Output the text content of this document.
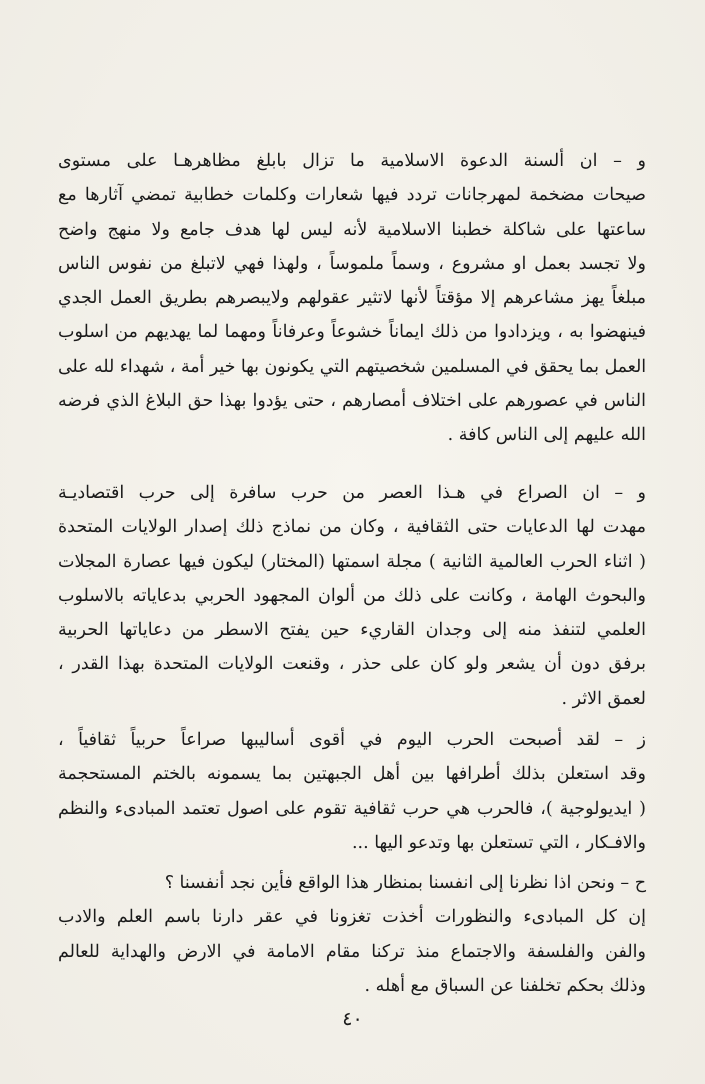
و – ان ألسنة الدعوة الاسلامية ما تزال بابلغ مظاهرهـا على مستوى
صيحات مضخمة لمهرجانات تردد فيها شعارات وكلمات خطابية تمضي آثارها مع
ساعتها على شاكلة خطبنا الاسلامية لأنه ليس لها هدف جامع ولا منهج واضح
ولا تجسد بعمل او مشروع ، وسماً ملموساً ، ولهذا فهي لاتبلغ من نفوس الناس
مبلغاً يهز مشاعرهم إلا مؤقتاً لأنها لاتثير عقولهم ولايبصرهم بطريق العمل الجدي
فينهضوا به ، ويزدادوا من ذلك ايماناً خشوعاً وعرفاناً ومهما لما يهديهم من اسلوب
العمل بما يحقق في المسلمين شخصيتهم التي يكونون بها خير أمة ، شهداء لله على
الناس في عصورهم على اختلاف أمصارهم ، حتى يؤدوا بهذا حق البلاغ الذي فرضه
الله عليهم إلى الناس كافة .
و – ان الصراع في هـذا العصر من حرب سافرة إلى حرب اقتصاديـة
مهدت لها الدعايات حتى الثقافية ، وكان من نماذج ذلك إصدار الولايات المتحدة
( اثناء الحرب العالمية الثانية ) مجلة اسمتها (المختار) ليكون فيها عصارة المجلات
والبحوث الهامة ، وكانت على ذلك من ألوان المجهود الحربي بدعاياته بالاسلوب
العلمي لتنفذ منه إلى وجدان القاريء حين يفتح الاسطر من دعاياتها الحربية
برفق دون أن يشعر ولو كان على حذر ، وقنعت الولايات المتحدة بهذا القدر ،
لعمق الاثر .
ز – لقد أصبحت الحرب اليوم في أقوى أساليبها صراعاً حربياً ثقافياً ،
وقد استعلن بذلك أطرافها بين أهل الجبهتين بما يسمونه بالختم المستحجمة
( ايديولوجية )، فالحرب هي حرب ثقافية تقوم على اصول تعتمد المبادىء والنظم
والافـكار ، التي تستعلن بها وتدعو اليها ...
ح – ونحن اذا نظرنا إلى انفسنا بمنظار هذا الواقع فأين نجد أنفسنا ؟
إن كل المبادىء والنظورات أخذت تغزونا في عقر دارنا باسم العلم والادب
والفن والفلسفة والاجتماع منذ تركنا مقام الامامة في الارض والهداية للعالم
وذلك بحكم تخلفنا عن السباق مع أهله .
٤٠
